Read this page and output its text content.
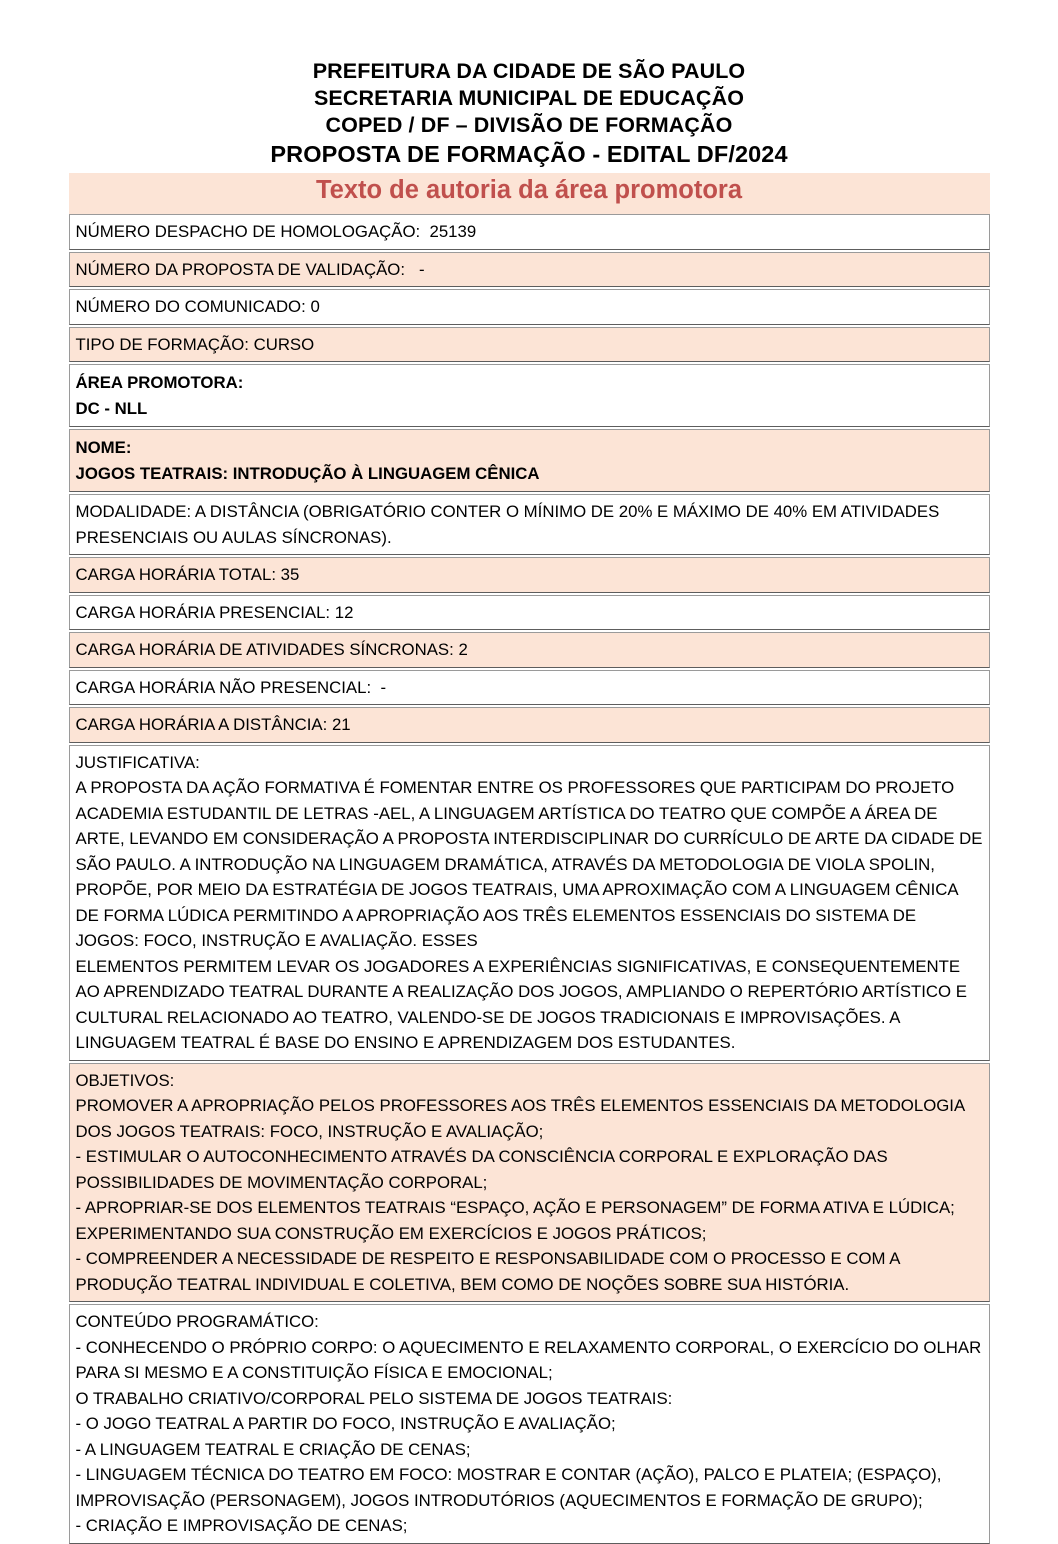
PREFEITURA DA CIDADE DE SÃO PAULO
SECRETARIA MUNICIPAL DE EDUCAÇÃO
COPED / DF – DIVISÃO DE FORMAÇÃO
PROPOSTA DE FORMAÇÃO - EDITAL DF/2024
Texto de autoria da área promotora
NÚMERO DESPACHO DE HOMOLOGAÇÃO:  25139
NÚMERO DA PROPOSTA DE VALIDAÇÃO:   -
NÚMERO DO COMUNICADO: 0
TIPO DE FORMAÇÃO: CURSO
ÁREA PROMOTORA:
DC - NLL
NOME:
JOGOS TEATRAIS: INTRODUÇÃO À LINGUAGEM CÊNICA
MODALIDADE: A DISTÂNCIA (OBRIGATÓRIO CONTER O MÍNIMO DE 20% E MÁXIMO DE 40% EM ATIVIDADES PRESENCIAIS OU AULAS SÍNCRONAS).
CARGA HORÁRIA TOTAL: 35
CARGA HORÁRIA PRESENCIAL: 12
CARGA HORÁRIA DE ATIVIDADES SÍNCRONAS: 2
CARGA HORÁRIA NÃO PRESENCIAL:  -
CARGA HORÁRIA A DISTÂNCIA: 21
JUSTIFICATIVA:
A PROPOSTA DA AÇÃO FORMATIVA É FOMENTAR ENTRE OS PROFESSORES QUE PARTICIPAM DO PROJETO ACADEMIA ESTUDANTIL DE LETRAS -AEL, A LINGUAGEM ARTÍSTICA DO TEATRO QUE COMPÕE A ÁREA DE ARTE, LEVANDO EM CONSIDERAÇÃO A PROPOSTA INTERDISCIPLINAR DO CURRÍCULO DE ARTE DA CIDADE DE SÃO PAULO. A INTRODUÇÃO NA LINGUAGEM DRAMÁTICA, ATRAVÉS DA METODOLOGIA DE VIOLA SPOLIN, PROPÕE, POR MEIO DA ESTRATÉGIA DE JOGOS TEATRAIS, UMA APROXIMAÇÃO COM A LINGUAGEM CÊNICA DE FORMA LÚDICA PERMITINDO A APROPRIAÇÃO AOS TRÊS ELEMENTOS ESSENCIAIS DO SISTEMA DE JOGOS: FOCO, INSTRUÇÃO E AVALIAÇÃO. ESSES
ELEMENTOS PERMITEM LEVAR OS JOGADORES A EXPERIÊNCIAS SIGNIFICATIVAS, E CONSEQUENTEMENTE AO APRENDIZADO TEATRAL DURANTE A REALIZAÇÃO DOS JOGOS, AMPLIANDO O REPERTÓRIO ARTÍSTICO E CULTURAL RELACIONADO AO TEATRO, VALENDO-SE DE JOGOS TRADICIONAIS E IMPROVISAÇÕES. A LINGUAGEM TEATRAL É BASE DO ENSINO E APRENDIZAGEM DOS ESTUDANTES.
OBJETIVOS:
PROMOVER A APROPRIAÇÃO PELOS PROFESSORES AOS TRÊS ELEMENTOS ESSENCIAIS DA METODOLOGIA DOS JOGOS TEATRAIS: FOCO, INSTRUÇÃO E AVALIAÇÃO;
- ESTIMULAR O AUTOCONHECIMENTO ATRAVÉS DA CONSCIÊNCIA CORPORAL E EXPLORAÇÃO DAS POSSIBILIDADES DE MOVIMENTAÇÃO CORPORAL;
- APROPRIAR-SE DOS ELEMENTOS TEATRAIS “ESPAÇO, AÇÃO E PERSONAGEM” DE FORMA ATIVA E LÚDICA; EXPERIMENTANDO SUA CONSTRUÇÃO EM EXERCÍCIOS E JOGOS PRÁTICOS;
- COMPREENDER A NECESSIDADE DE RESPEITO E RESPONSABILIDADE COM O PROCESSO E COM A PRODUÇÃO TEATRAL INDIVIDUAL E COLETIVA, BEM COMO DE NOÇÕES SOBRE SUA HISTÓRIA.
CONTEÚDO PROGRAMÁTICO:
- CONHECENDO O PRÓPRIO CORPO: O AQUECIMENTO E RELAXAMENTO CORPORAL, O EXERCÍCIO DO OLHAR PARA SI MESMO E A CONSTITUIÇÃO FÍSICA E EMOCIONAL;
O TRABALHO CRIATIVO/CORPORAL PELO SISTEMA DE JOGOS TEATRAIS:
- O JOGO TEATRAL A PARTIR DO FOCO, INSTRUÇÃO E AVALIAÇÃO;
- A LINGUAGEM TEATRAL E CRIAÇÃO DE CENAS;
- LINGUAGEM TÉCNICA DO TEATRO EM FOCO: MOSTRAR E CONTAR (AÇÃO), PALCO E PLATEIA; (ESPAÇO), IMPROVISAÇÃO (PERSONAGEM), JOGOS INTRODUTÓRIOS (AQUECIMENTOS E FORMAÇÃO DE GRUPO);
- CRIAÇÃO E IMPROVISAÇÃO DE CENAS;
